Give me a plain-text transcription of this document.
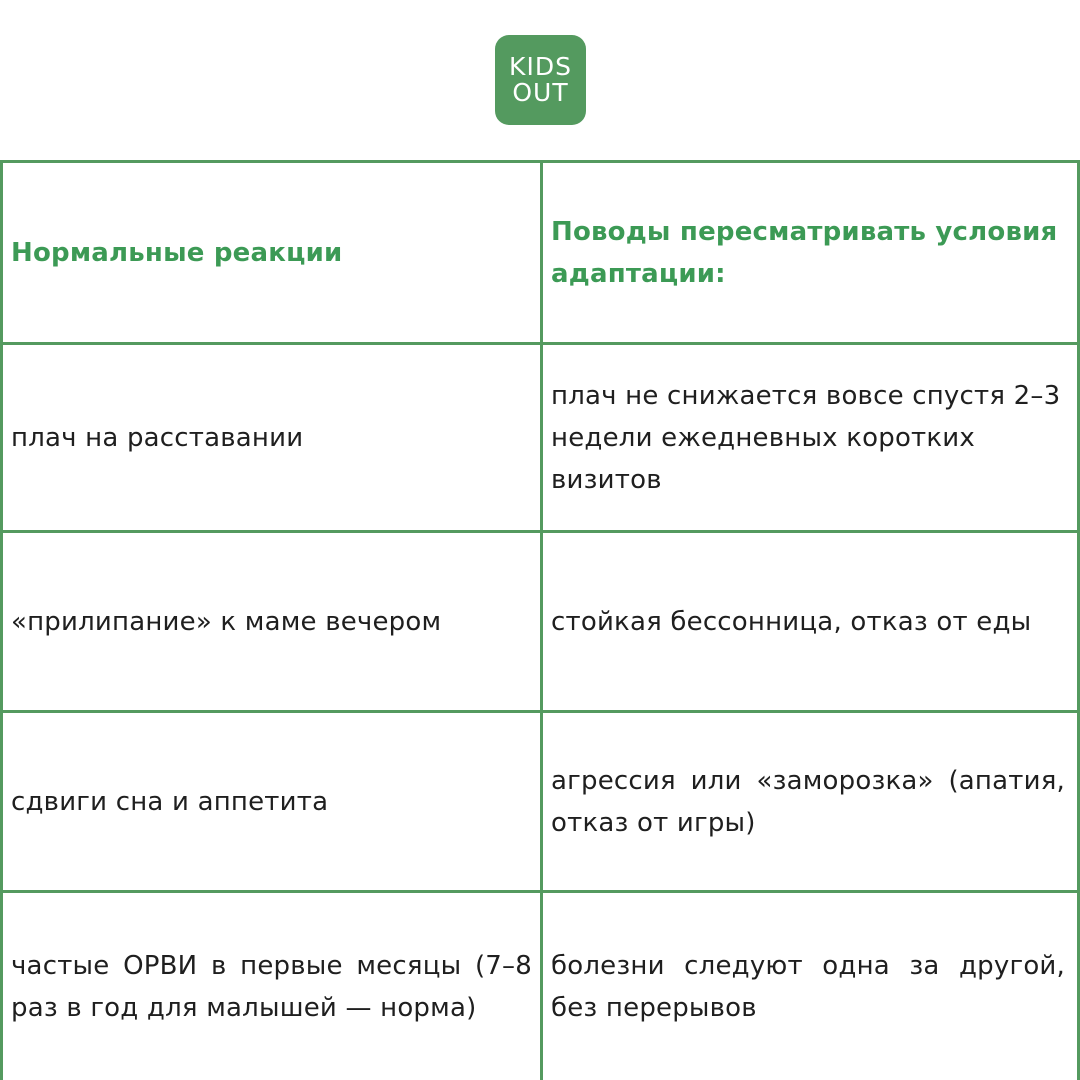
KIDS
OUT
Нормальные реакции	Поводы пересматривать условия адаптации:

плач на расставании	плач не снижается вовсе спустя 2–3 недели ежедневных коротких визитов

«прилипание» к маме вечером	стойкая бессонница, отказ от еды

сдвиги сна и аппетита	агрессия или «заморозка» (апатия, отказ от игры)

частые ОРВИ в первые месяцы (7–8 раз в год для малышей — норма)	болезни следуют одна за другой, без перерывов
